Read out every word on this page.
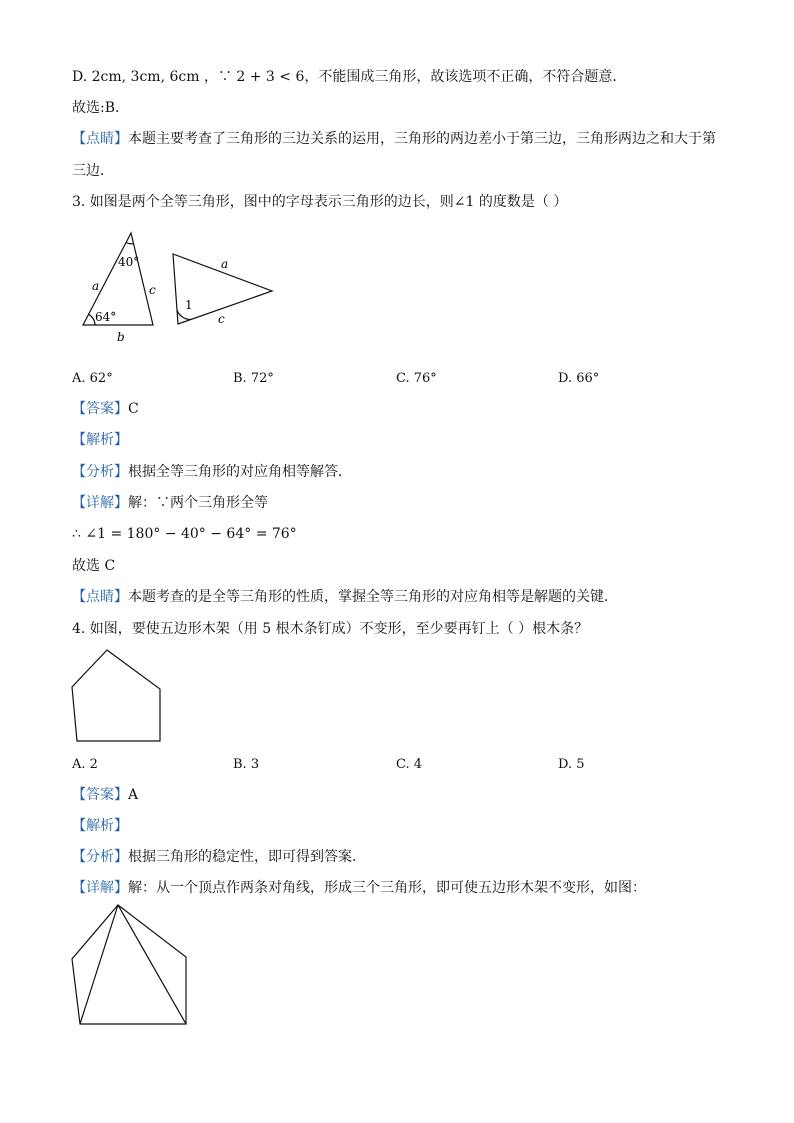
D. 2cm, 3cm, 6cm ，∵ 2 + 3 < 6，不能围成三角形，故该选项不正确，不符合题意．
故选:B．
【点睛】本题主要考查了三角形的三边关系的运用，三角形的两边差小于第三边，三角形两边之和大于第
三边．
3. 如图是两个全等三角形，图中的字母表示三角形的边长，则∠1 的度数是（ ）
40°
64°
a
b
c
a
c
1
A. 62°	B. 72°	C. 76°	D. 66°
【答案】C
【解析】
【分析】根据全等三角形的对应角相等解答．
【详解】解：∵两个三角形全等
∴ ∠1 = 180° − 40° − 64° = 76°
故选 C
【点睛】本题考查的是全等三角形的性质，掌握全等三角形的对应角相等是解题的关键．
4. 如图，要使五边形木架（用 5 根木条钉成）不变形，至少要再钉上（ ）根木条？
A. 2	B. 3	C. 4	D. 5
【答案】A
【解析】
【分析】根据三角形的稳定性，即可得到答案．
【详解】解：从一个顶点作两条对角线，形成三个三角形，即可使五边形木架不变形，如图：
